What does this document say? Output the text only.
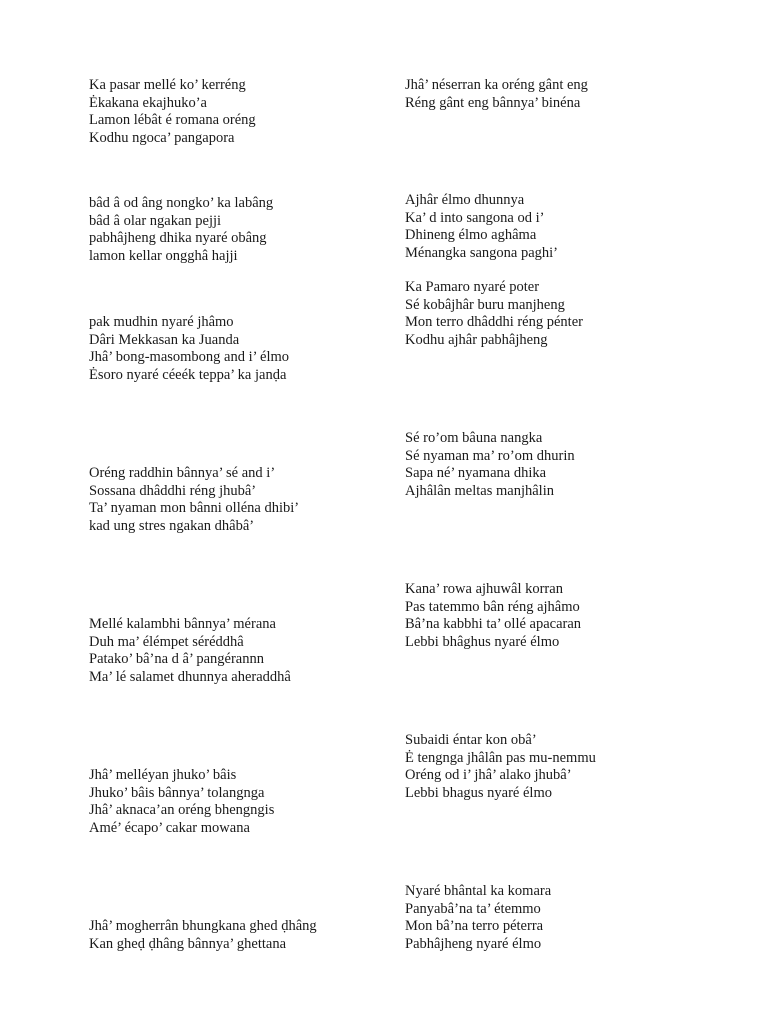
Ka pasar mellé ko’ kerréng
Ėkakana ekajhuko’a
Lamon lébât é romana oréng
Kodhu ngoca’ pangapora
bâd â od âng nongko’ ka labâng
bâd â olar ngakan pejji
pabhâjheng dhika nyaré obâng
lamon kellar ongghâ hajji
pak mudhin nyaré jhâmo
Dâri Mekkasan ka Juanda
Jhâ’ bong-masombong and i’ élmo
Ėsoro nyaré céeék teppa’ ka janḍa
Oréng raddhin bânnya’ sé and i’
Sossana dhâddhi réng jhubâ’
Ta’ nyaman mon bânni olléna dhibi’
kad ung stres ngakan dhâbâ’
Mellé kalambhi bânnya’ mérana
Duh ma’ élémpet séréddhâ
Patako’ bâ’na d â’ pangérannn
Ma’ lé salamet dhunnya aheraddhâ
Jhâ’ melléyan jhuko’ bâis
Jhuko’ bâis bânnya’ tolangnga
Jhâ’ aknaca’an oréng bhengngis
Amé’ écapo’ cakar mowana
Jhâ’ mogherrân bhungkana ghed ḍhâng
Kan gheḍ ḍhâng bânnya’ ghettana
Jhâ’ néserran ka oréng gânt eng
Réng gânt eng bânnya’ binéna
Ajhâr élmo dhunnya
Ka’ d into sangona od i’
Dhineng élmo aghâma
Ménangka sangona paghi’
Ka Pamaro nyaré poter
Sé kobâjhâr buru manjheng
Mon terro dhâddhi réng pénter
Kodhu ajhâr pabhâjheng
Sé ro’om bâuna nangka
Sé nyaman ma’ ro’om dhurin
Sapa né’ nyamana dhika
Ajhâlân meltas manjhâlin
Kana’ rowa ajhuwâl korran
Pas tatemmo bân réng ajhâmo
Bâ’na kabbhi ta’ ollé apacaran
Lebbi bhâghus nyaré élmo
Subaidi éntar kon obâ’
Ė tengnga jhâlân pas mu-nemmu
Oréng od i’ jhâ’ alako jhubâ’
Lebbi bhagus nyaré élmo
Nyaré bhântal ka komara
Panyabâ’na ta’ étemmo
Mon bâ’na terro péterra
Pabhâjheng nyaré élmo
